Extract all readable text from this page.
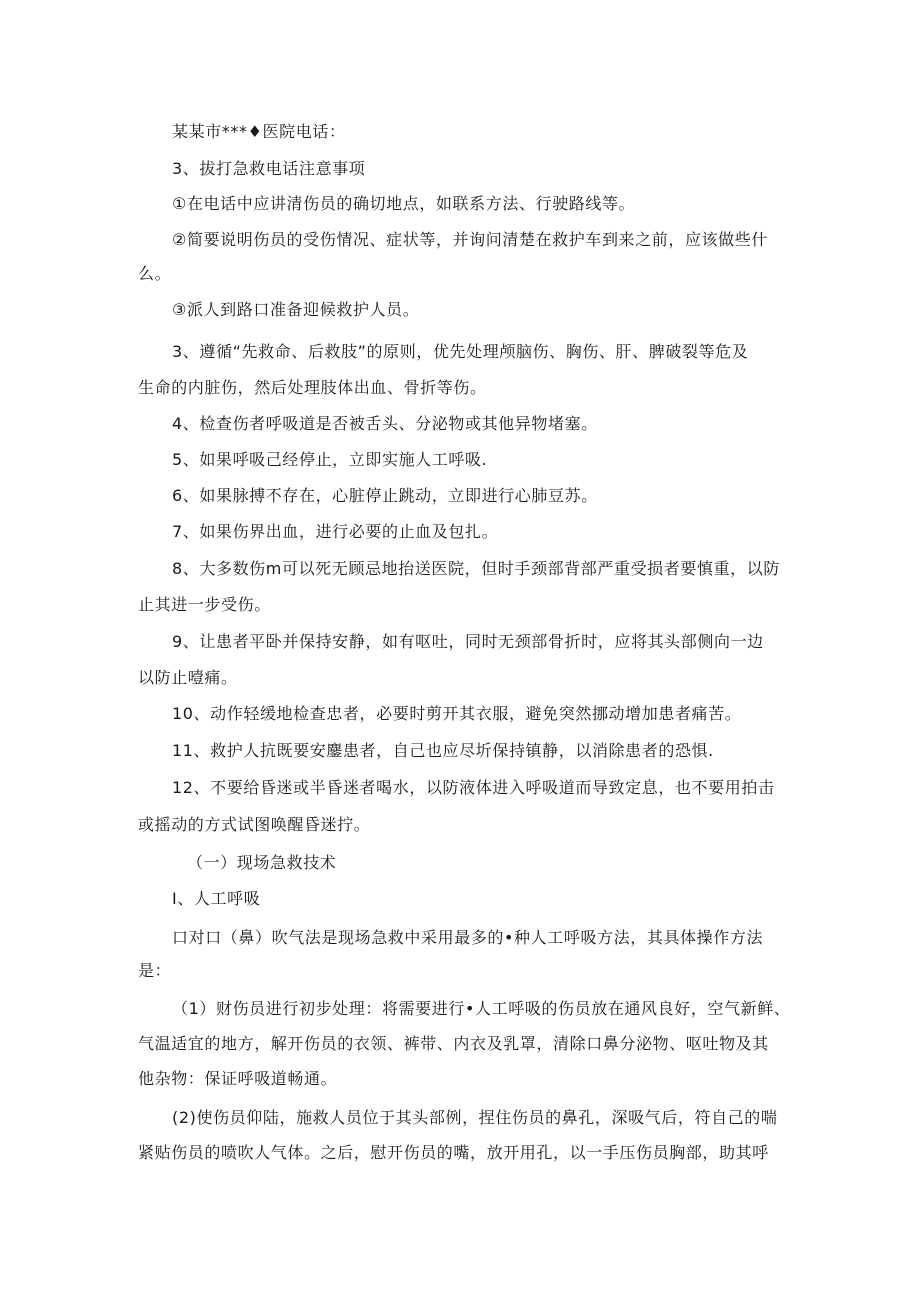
某某市***♦医院电话：
3、拔打急救电话注意事项
①在电话中应讲清伤员的确切地点，如联系方法、行驶路线等。
②简要说明伤员的受伤情况、症状等，并询问清楚在救护车到来之前，应该做些什
么。
③派人到路口准备迎候救护人员。
3、遵循“先救命、后救肢”的原则，优先处理颅脑伤、胸伤、肝、脾破裂等危及
生命的内脏伤，然后处理肢体出血、骨折等伤。
4、检查伤者呼吸道是否被舌头、分泌物或其他异物堵塞。
5、如果呼吸己经停止，立即实施人工呼吸.
6、如果脉搏不存在，心脏停止跳动，立即进行心肺豆苏。
7、如果伤界出血，进行必要的止血及包扎。
8、大多数伤m可以死无顾忌地抬送医院，但时手颈部背部严重受损者要慎重，以防
止其进一步受伤。
9、让患者平卧并保持安静，如有呕吐，同时无颈部骨折时，应将其头部侧向一边
以防止噎痛。
10、动作轻缓地检查忠者，必要时剪开其衣服，避免突然挪动增加患者痛苦。
11、救护人抗既要安鏖患者，自己也应尽圻保持镇静，以消除患者的恐惧.
12、不要给昏迷或半昏迷者喝水，以防液体进入呼吸道而导致定息，也不要用拍击
或摇动的方式试图唤醒昏迷拧。
（一）现场急救技术
I、人工呼吸
口对口（鼻）吹气法是现场急救中采用最多的•种人工呼吸方法，其具体操作方法
是：
（1）财伤员进行初步处理：将需要进行•人工呼吸的伤员放在通风良好，空气新鲜、
气温适宜的地方，解开伤员的衣领、裤带、内衣及乳罩，清除口鼻分泌物、呕吐物及其
他杂物：保证呼吸道畅通。
(2)使伤员仰陆，施救人员位于其头部例，捏住伤员的鼻孔，深吸气后，符自己的喘
紧贴伤员的喷吹人气体。之后，慰开伤员的嘴，放开用孔，以一手压伤员胸部，助其呼
